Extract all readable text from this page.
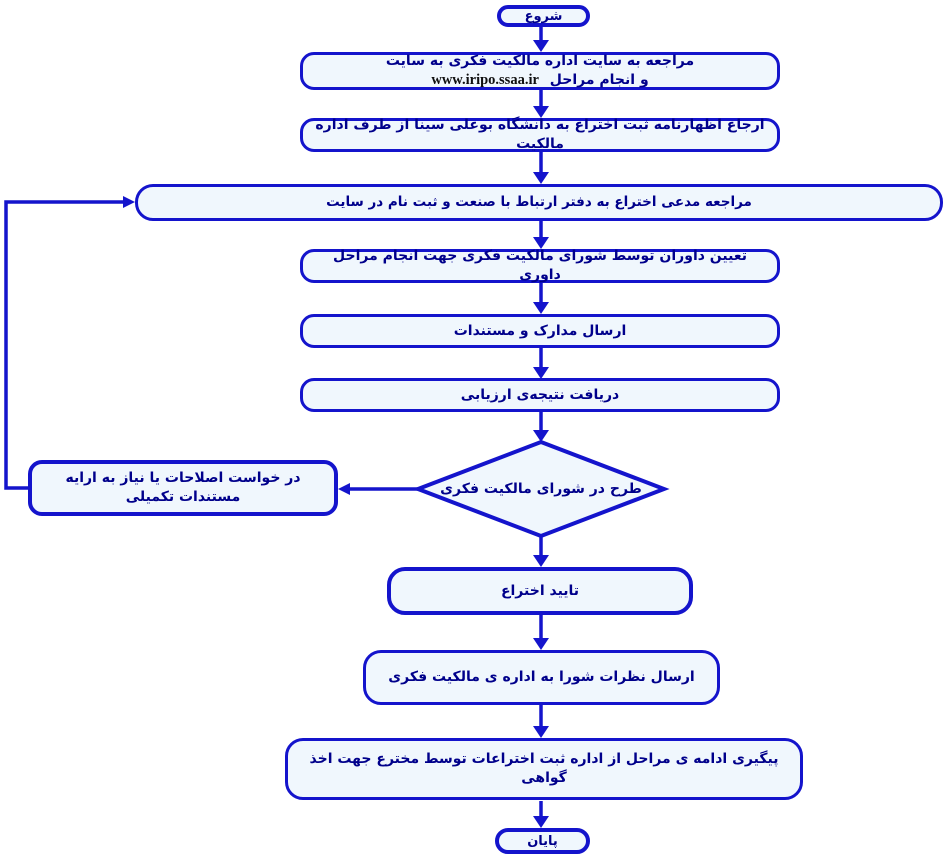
شروع
مراجعه به سایت اداره مالکیت فکری به سایت
و انجام مراحل www.iripo.ssaa.ir
ارجاع اظهارنامه ثبت اختراع به دانشگاه بوعلی سینا از طرف اداره مالکیت
مراجعه مدعی اختراع به دفتر ارتباط با صنعت و ثبت نام در سایت
تعیین داوران توسط شورای مالکیت فکری جهت انجام مراحل داوری
ارسال مدارک و مستندات
دریافت نتیجه‌ی ارزیابی
طرح در شورای مالکیت فکری
در خواست اصلاحات یا نیاز به ارایه مستندات تکمیلی
تایید اختراع
ارسال نظرات شورا به اداره ی مالکیت فکری
پیگیری ادامه ی مراحل از اداره ثبت اختراعات توسط مخترع جهت اخذ گواهی
پایان
